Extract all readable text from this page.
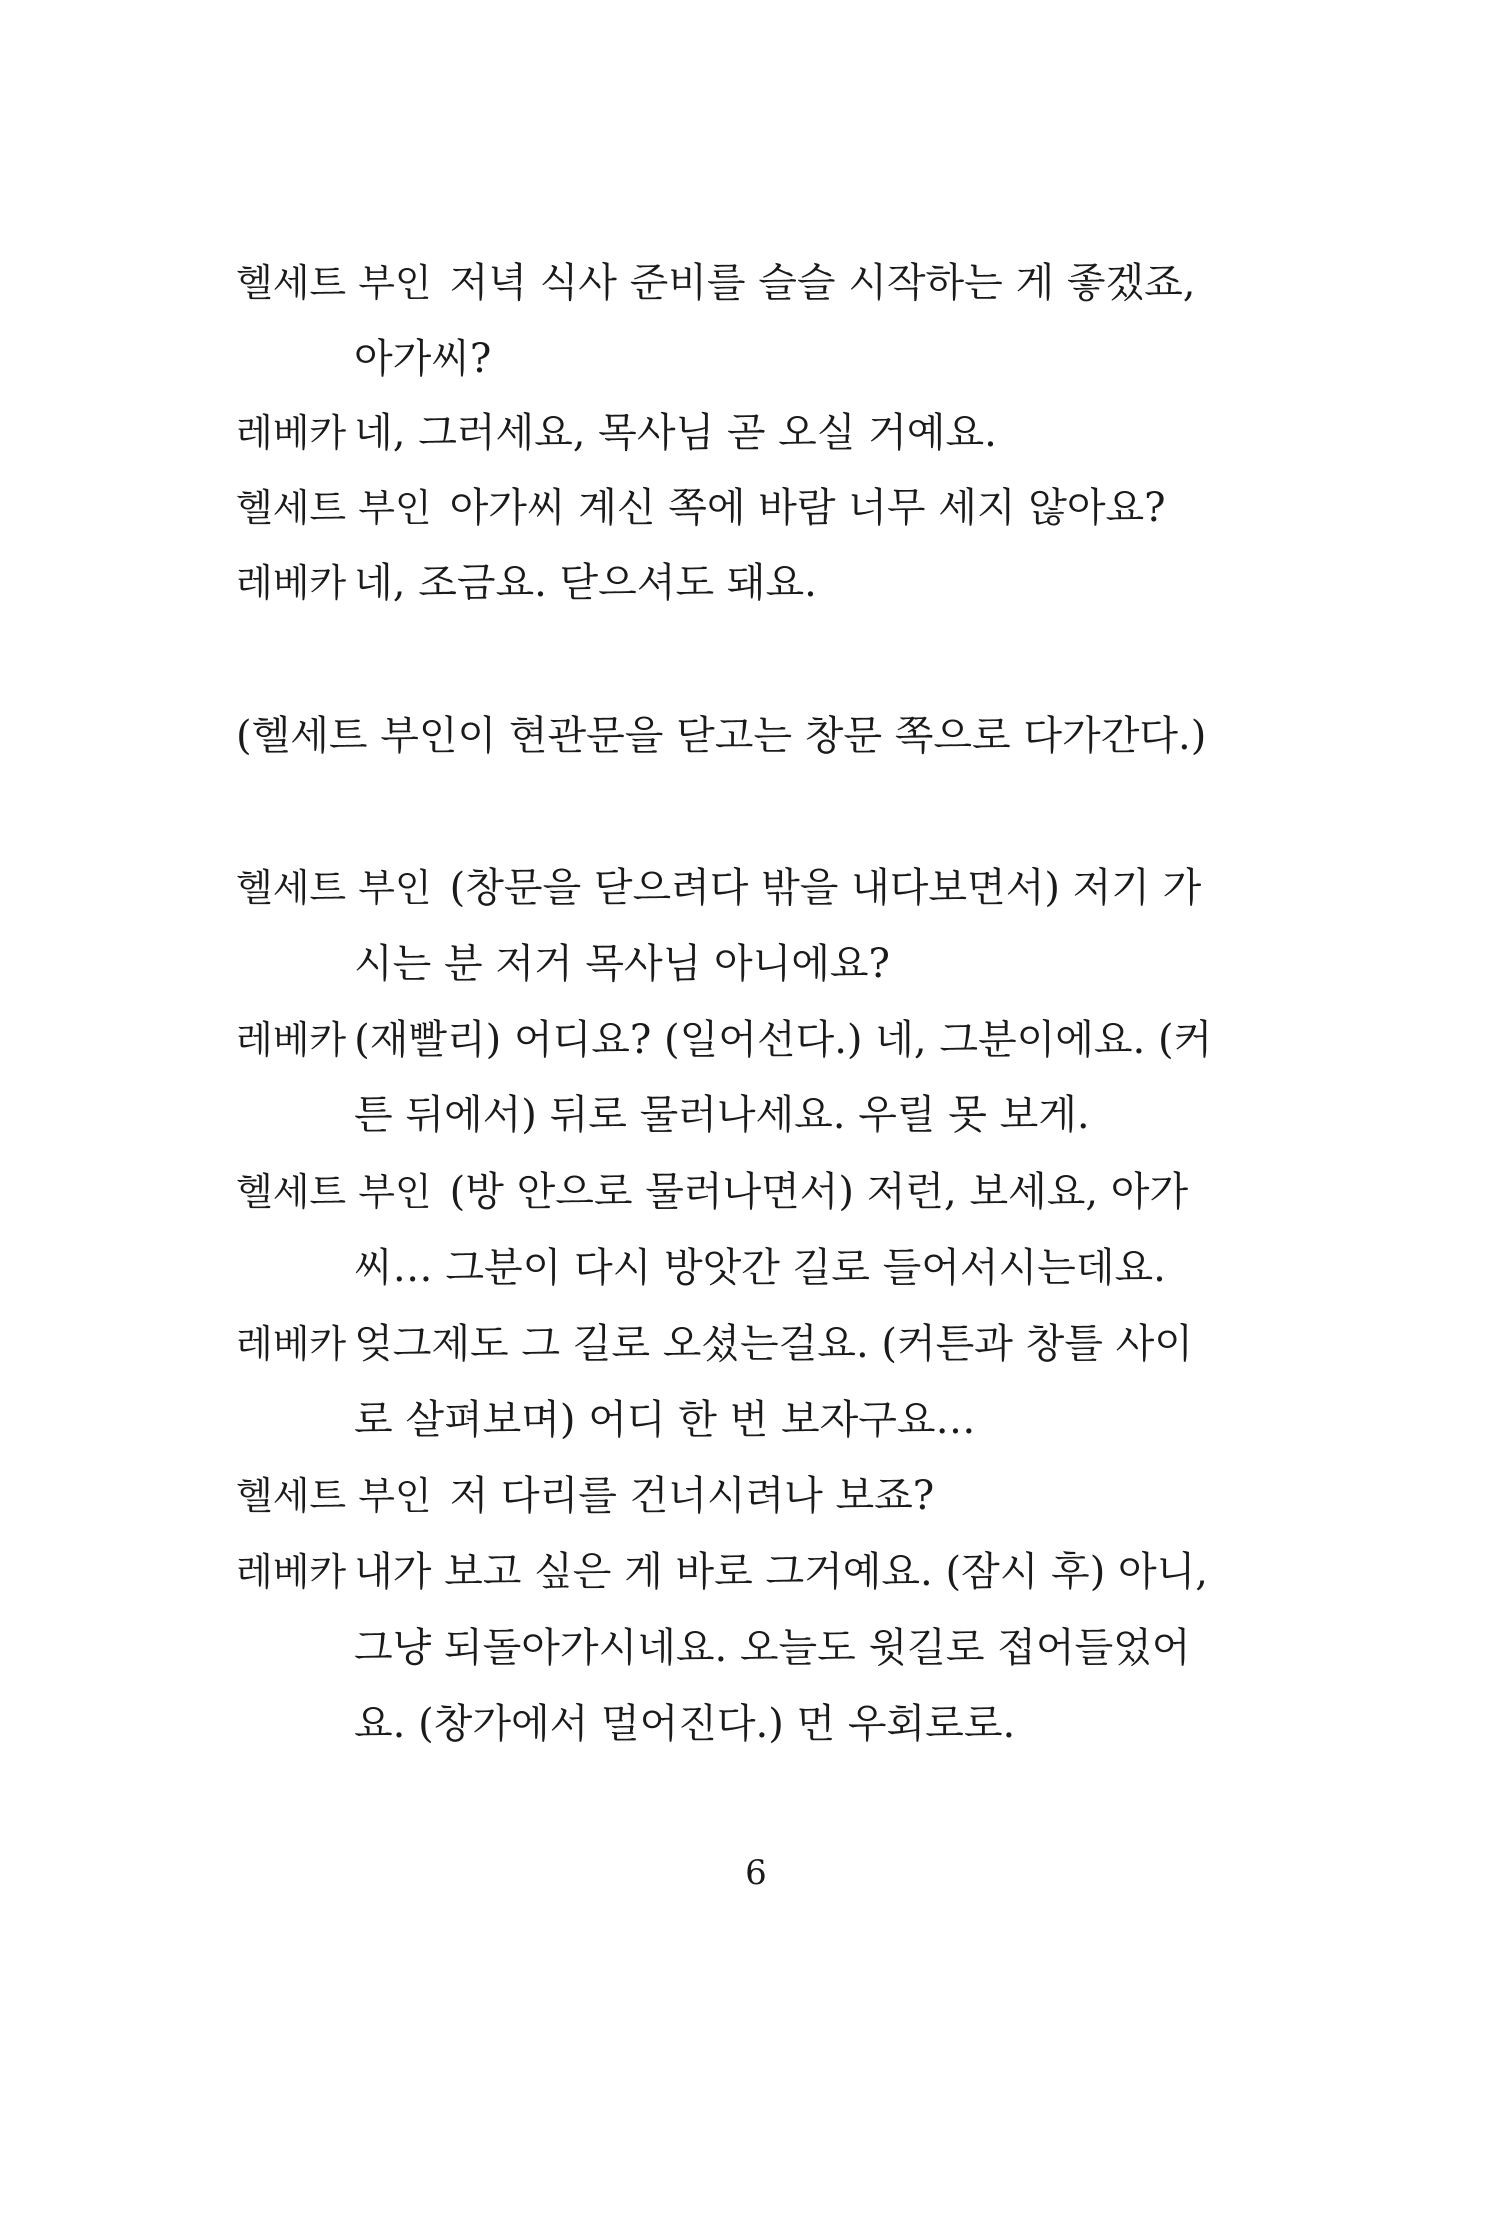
헬세트 부인 저녁 식사 준비를 슬슬 시작하는 게 좋겠죠,
아가씨?
레베카 네, 그러세요, 목사님 곧 오실 거예요.
헬세트 부인 아가씨 계신 쪽에 바람 너무 세지 않아요?
레베카 네, 조금요. 닫으셔도 돼요.
(헬세트 부인이 현관문을 닫고는 창문 쪽으로 다가간다.)
헬세트 부인 (창문을 닫으려다 밖을 내다보면서) 저기 가
시는 분 저거 목사님 아니에요?
레베카 (재빨리) 어디요? (일어선다.) 네, 그분이에요. (커
튼 뒤에서) 뒤로 물러나세요. 우릴 못 보게.
헬세트 부인 (방 안으로 물러나면서) 저런, 보세요, 아가
씨… 그분이 다시 방앗간 길로 들어서시는데요.
레베카 엊그제도 그 길로 오셨는걸요. (커튼과 창틀 사이
로 살펴보며) 어디 한 번 보자구요…
헬세트 부인 저 다리를 건너시려나 보죠?
레베카 내가 보고 싶은 게 바로 그거예요. (잠시 후) 아니,
그냥 되돌아가시네요. 오늘도 윗길로 접어들었어
요. (창가에서 멀어진다.) 먼 우회로로.
6
